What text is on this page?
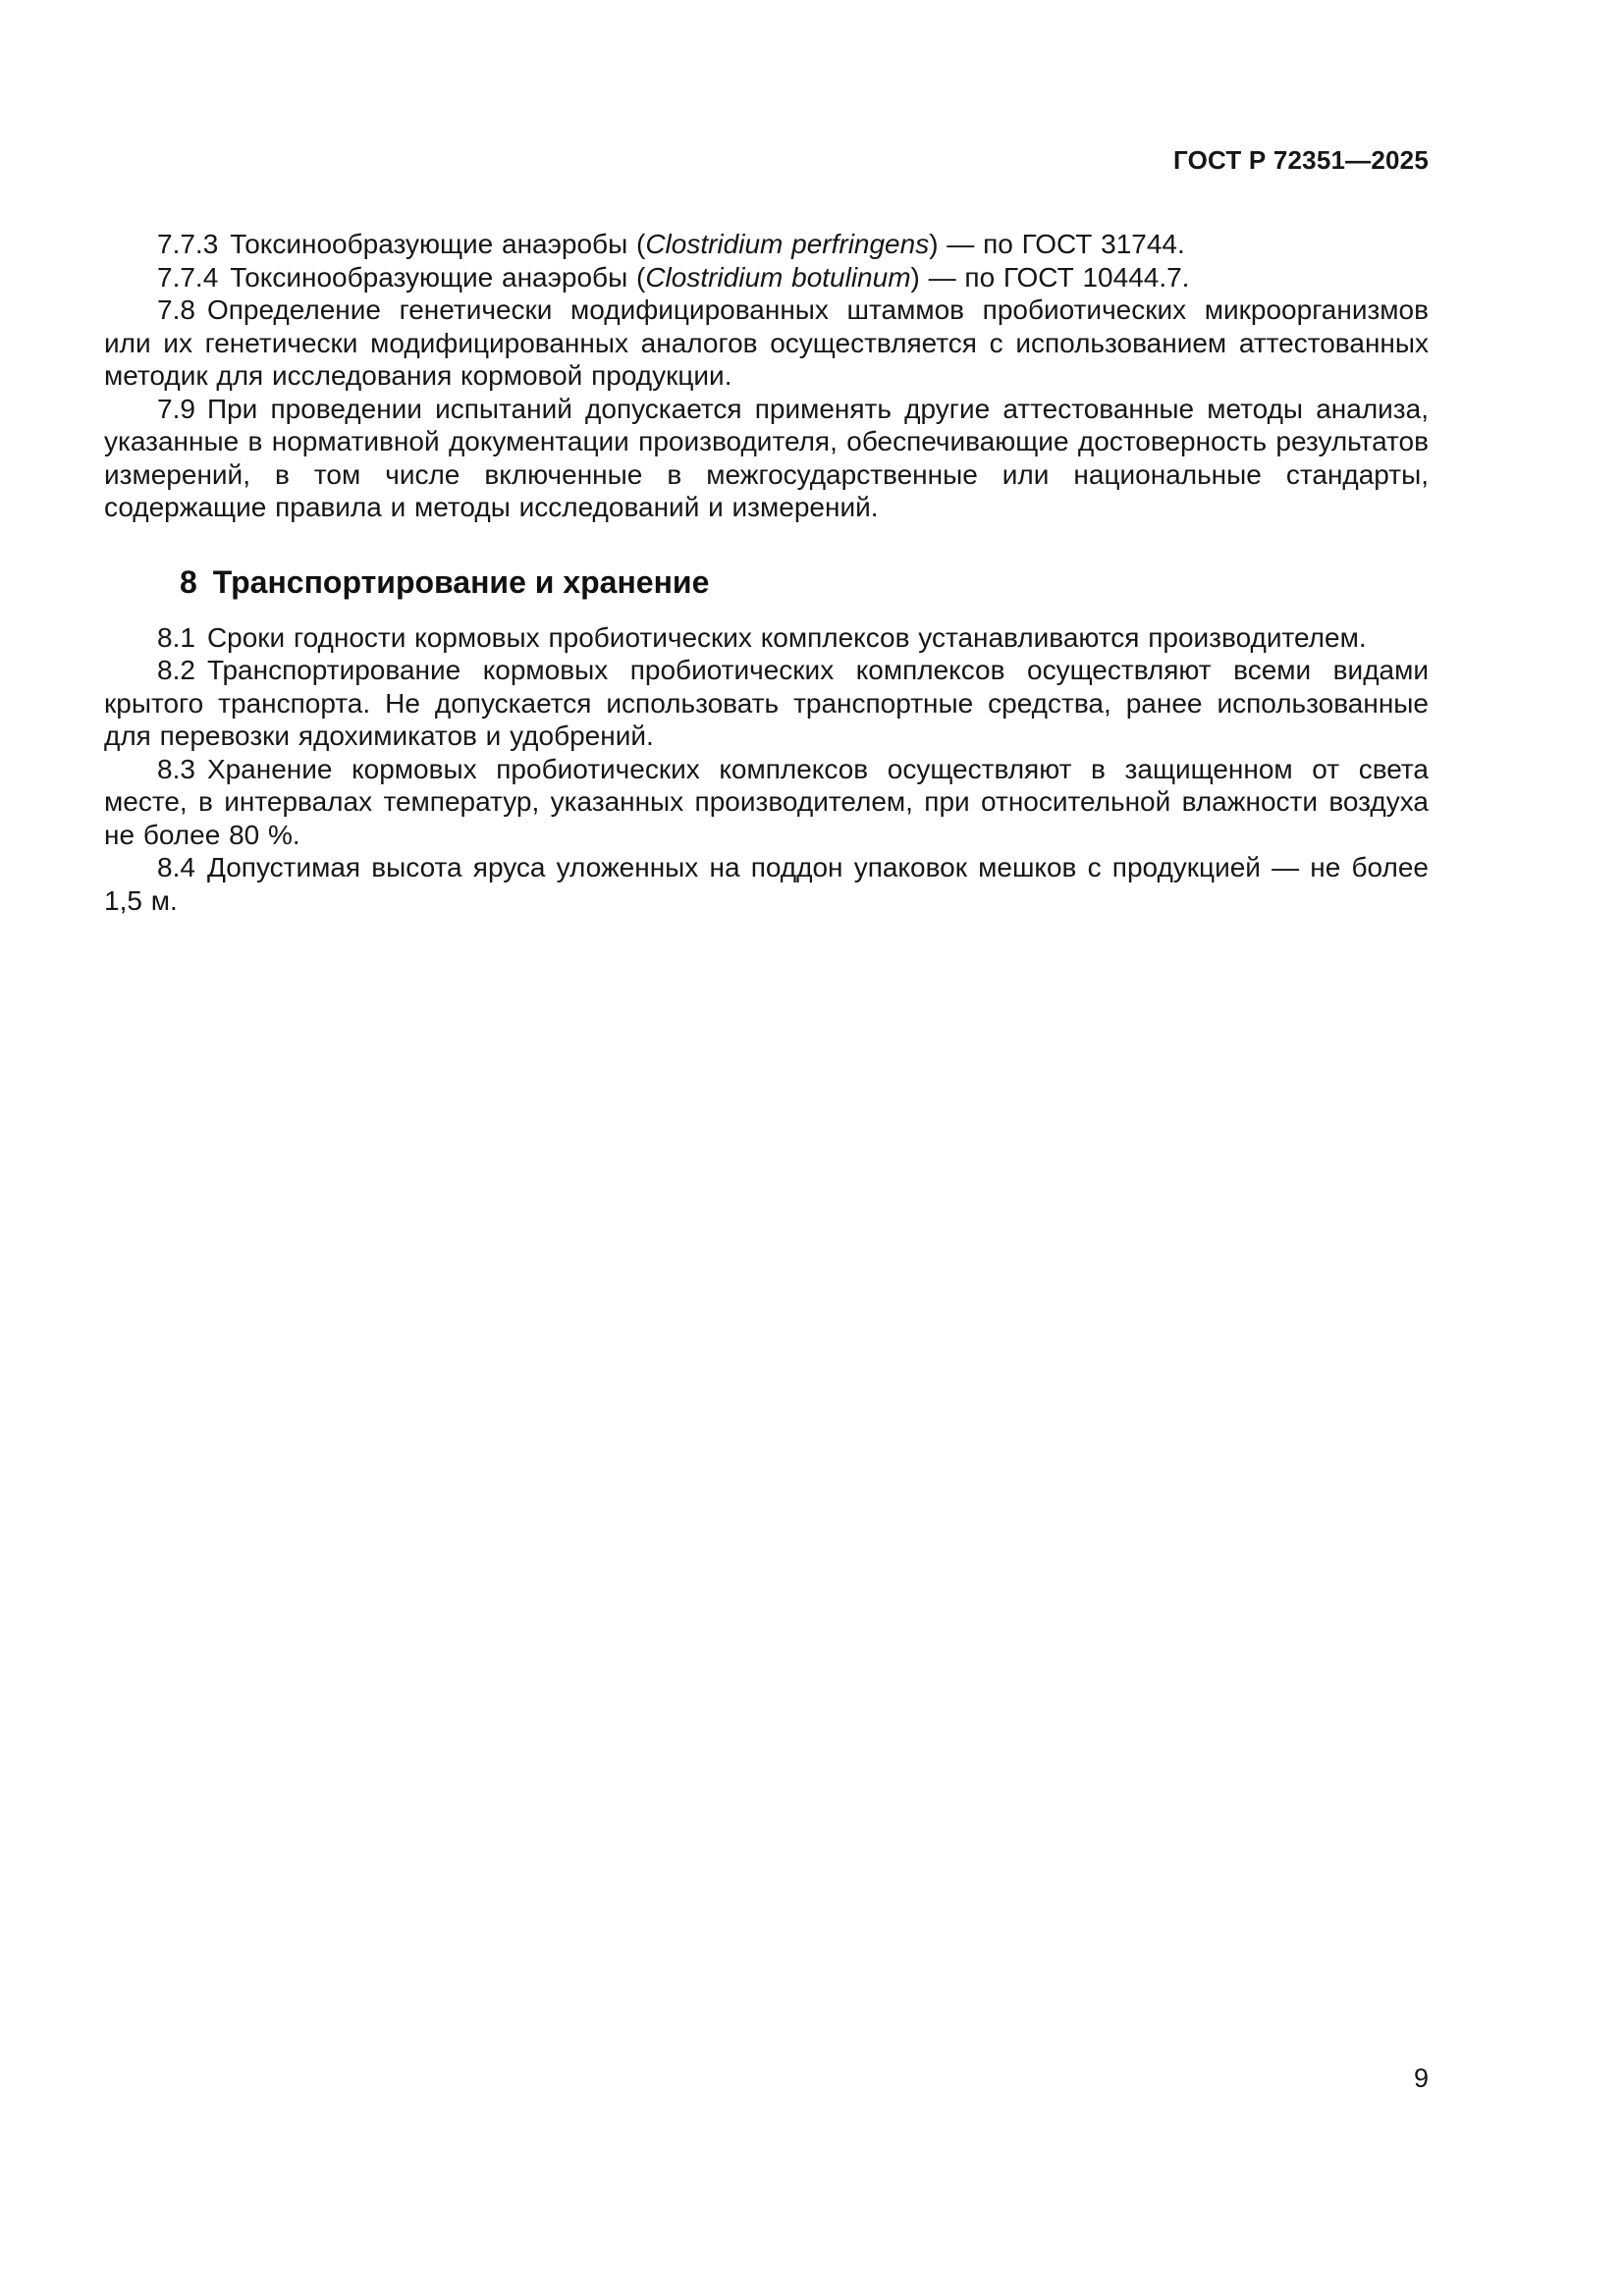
ГОСТ Р 72351—2025

7.7.3 Токсинообразующие анаэробы (Clostridium perfringens) — по ГОСТ 31744.

7.7.4 Токсинообразующие анаэробы (Clostridium botulinum) — по ГОСТ 10444.7.

7.8 Определение генетически модифицированных штаммов пробиотических микроорганизмов или их генетически модифицированных аналогов осуществляется с использованием аттестованных методик для исследования кормовой продукции.

7.9 При проведении испытаний допускается применять другие аттестованные методы анализа, указанные в нормативной документации производителя, обеспечивающие достоверность результатов измерений, в том числе включенные в межгосударственные или национальные стандарты, содержащие правила и методы исследований и измерений.

8 Транспортирование и хранение

8.1 Сроки годности кормовых пробиотических комплексов устанавливаются производителем.

8.2 Транспортирование кормовых пробиотических комплексов осуществляют всеми видами крытого транспорта. Не допускается использовать транспортные средства, ранее использованные для перевозки ядохимикатов и удобрений.

8.3 Хранение кормовых пробиотических комплексов осуществляют в защищенном от света месте, в интервалах температур, указанных производителем, при относительной влажности воздуха не более 80 %.

8.4 Допустимая высота яруса уложенных на поддон упаковок мешков с продукцией — не более 1,5 м.

9
